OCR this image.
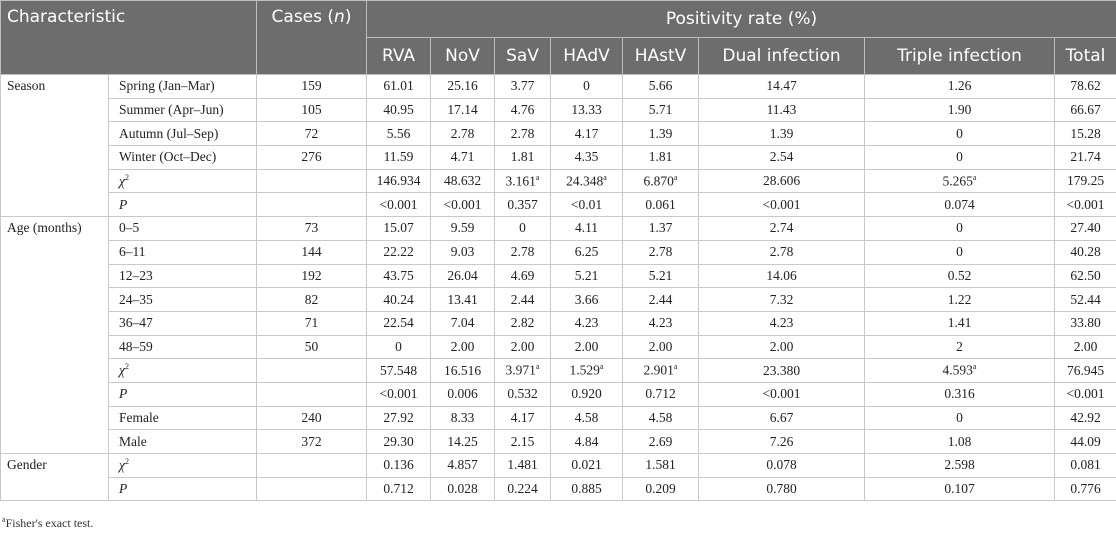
Characteristic		Cases (n)	Positivity rate (%)							
			RVA	NoV	SaV	HAdV	HAstV	Dual infection	Triple infection	Total
Season	Spring (Jan–Mar)	159	61.01	25.16	3.77	0	5.66	14.47	1.26	78.62
	Summer (Apr–Jun)	105	40.95	17.14	4.76	13.33	5.71	11.43	1.90	66.67
	Autumn (Jul–Sep)	72	5.56	2.78	2.78	4.17	1.39	1.39	0	15.28
	Winter (Oct–Dec)	276	11.59	4.71	1.81	4.35	1.81	2.54	0	21.74
	$\chi^2$		146.934	48.632	3.161$^a$	24.348$^a$	6.870$^a$	28.606	5.265$^a$	179.25
	P		<0.001	<0.001	0.357	<0.01	0.061	<0.001	0.074	<0.001
Age (months)	0–5	73	15.07	9.59	0	4.11	1.37	2.74	0	27.40
	6–11	144	22.22	9.03	2.78	6.25	2.78	2.78	0	40.28
	12–23	192	43.75	26.04	4.69	5.21	5.21	14.06	0.52	62.50
	24–35	82	40.24	13.41	2.44	3.66	2.44	7.32	1.22	52.44
	36–47	71	22.54	7.04	2.82	4.23	4.23	4.23	1.41	33.80
	48–59	50	0	2.00	2.00	2.00	2.00	2.00	2	2.00
	$\chi^2$		57.548	16.516	3.971$^a$	1.529$^a$	2.901$^a$	23.380	4.593$^a$	76.945
	P		<0.001	0.006	0.532	0.920	0.712	<0.001	0.316	<0.001
	Female	240	27.92	8.33	4.17	4.58	4.58	6.67	0	42.92
	Male	372	29.30	14.25	2.15	4.84	2.69	7.26	1.08	44.09
Gender	$\chi^2$		0.136	4.857	1.481	0.021	1.581	0.078	2.598	0.081
	P		0.712	0.028	0.224	0.885	0.209	0.780	0.107	0.776
$^a$Fisher's exact test.
